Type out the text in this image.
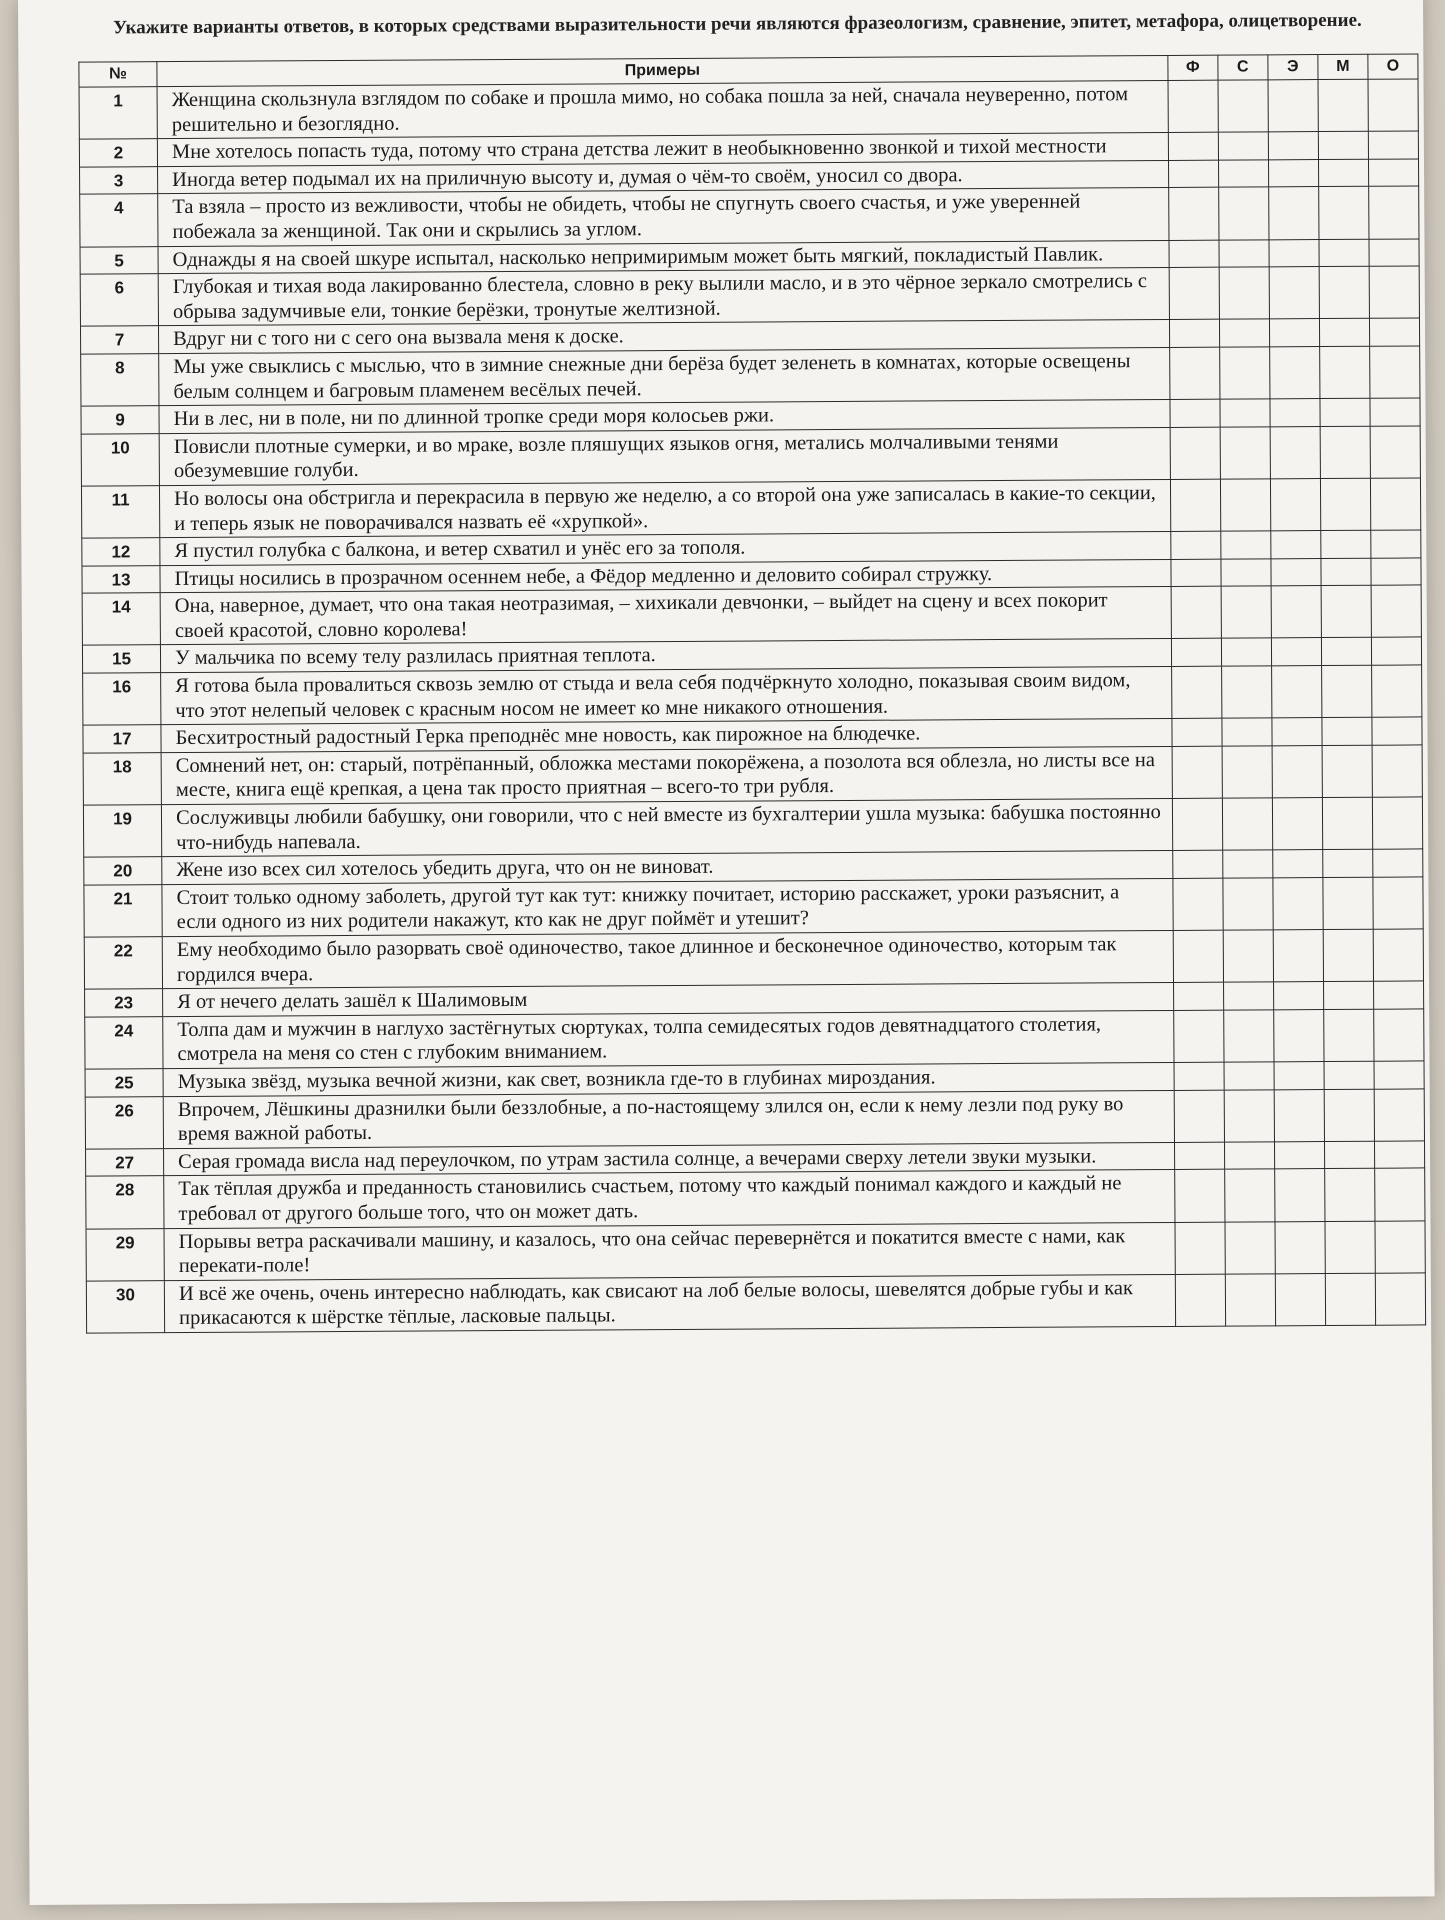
Укажите варианты ответов, в которых средствами выразительности речи являются фразеологизм, сравнение, эпитет, метафора, олицетворение.

№	Примеры	Ф	С	Э	М	О
1	Женщина скользнула взглядом по собаке и прошла мимо, но собака пошла за ней, сначала неуверенно, потом решительно и безоглядно.					
2	Мне хотелось попасть туда, потому что страна детства лежит в необыкновенно звонкой и тихой местности					
3	Иногда ветер подымал их на приличную высоту и, думая о чём-то своём, уносил со двора.					
4	Та взяла – просто из вежливости, чтобы не обидеть, чтобы не спугнуть своего счастья, и уже уверенней побежала за женщиной. Так они и скрылись за углом.					
5	Однажды я на своей шкуре испытал, насколько непримиримым может быть мягкий, покладистый Павлик.					
6	Глубокая и тихая вода лакированно блестела, словно в реку вылили масло, и в это чёрное зеркало смотрелись с обрыва задумчивые ели, тонкие берёзки, тронутые желтизной.					
7	Вдруг ни с того ни с сего она вызвала меня к доске.					
8	Мы уже свыклись с мыслью, что в зимние снежные дни берёза будет зеленеть в комнатах, которые освещены белым солнцем и багровым пламенем весёлых печей.					
9	Ни в лес, ни в поле, ни по длинной тропке среди моря колосьев ржи.					
10	Повисли плотные сумерки, и во мраке, возле пляшущих языков огня, метались молчаливыми тенями обезумевшие голуби.					
11	Но волосы она обстригла и перекрасила в первую же неделю, а со второй она уже записалась в какие-то секции, и теперь язык не поворачивался назвать её «хрупкой».					
12	Я пустил голубка с балкона, и ветер схватил и унёс его за тополя.					
13	Птицы носились в прозрачном осеннем небе, а Фёдор медленно и деловито собирал стружку.					
14	Она, наверное, думает, что она такая неотразимая, – хихикали девчонки, – выйдет на сцену и всех покорит своей красотой, словно королева!					
15	У мальчика по всему телу разлилась приятная теплота.					
16	Я готова была провалиться сквозь землю от стыда и вела себя подчёркнуто холодно, показывая своим видом, что этот нелепый человек с красным носом не имеет ко мне никакого отношения.					
17	Бесхитростный радостный Герка преподнёс мне новость, как пирожное на блюдечке.					
18	Сомнений нет, он: старый, потрёпанный, обложка местами покорёжена, а позолота вся облезла, но листы все на месте, книга ещё крепкая, а цена так просто приятная – всего-то три рубля.					
19	Сослуживцы любили бабушку, они говорили, что с ней вместе из бухгалтерии ушла музыка: бабушка постоянно что-нибудь напевала.					
20	Жене изо всех сил хотелось убедить друга, что он не виноват.					
21	Стоит только одному заболеть, другой тут как тут: книжку почитает, историю расскажет, уроки разъяснит, а если одного из них родители накажут, кто как не друг поймёт и утешит?					
22	Ему необходимо было разорвать своё одиночество, такое длинное и бесконечное одиночество, которым так гордился вчера.					
23	Я от нечего делать зашёл к Шалимовым					
24	Толпа дам и мужчин в наглухо застёгнутых сюртуках, толпа семидесятых годов девятнадцатого столетия, смотрела на меня со стен с глубоким вниманием.					
25	Музыка звёзд, музыка вечной жизни, как свет, возникла где-то в глубинах мироздания.					
26	Впрочем, Лёшкины дразнилки были беззлобные, а по-настоящему злился он, если к нему лезли под руку во время важной работы.					
27	Серая громада висла над переулочком, по утрам застила солнце, а вечерами сверху летели звуки музыки.					
28	Так тёплая дружба и преданность становились счастьем, потому что каждый понимал каждого и каждый не требовал от другого больше того, что он может дать.					
29	Порывы ветра раскачивали машину, и казалось, что она сейчас перевернётся и покатится вместе с нами, как перекати-поле!					
30	И всё же очень, очень интересно наблюдать, как свисают на лоб белые волосы, шевелятся добрые губы и как прикасаются к шёрстке тёплые, ласковые пальцы.					
